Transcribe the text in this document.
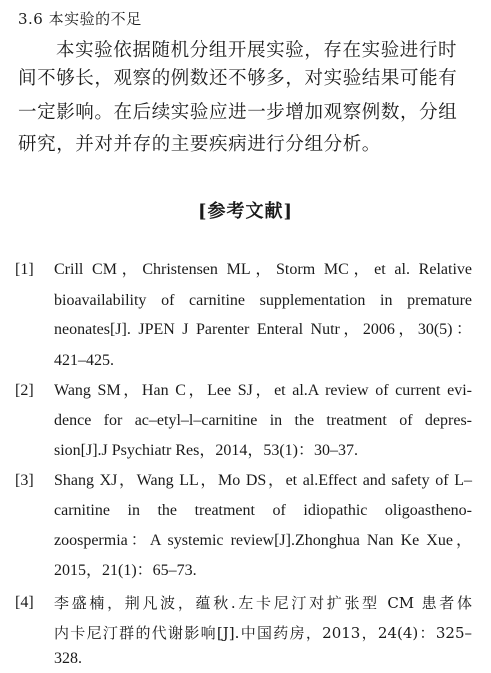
3.6 本实验的不足
本实验依据随机分组开展实验，存在实验进行时
间不够长，观察的例数还不够多，对实验结果可能有
一定影响。在后续实验应进一步增加观察例数，分组
研究，并对并存的主要疾病进行分组分析。
[参考文献]
[1] Crill CM，Christensen ML，Storm MC，et al. Relative
bioavailability of carnitine supplementation in premature
neonates[J]. JPEN J Parenter Enteral Nutr，2006，30(5)：
421–425.
[2] Wang SM，Han C，Lee SJ，et al.A review of current evi-
dence for ac–etyl–l–carnitine in the treatment of depres-
sion[J].J Psychiatr Res，2014，53(1)：30–37.
[3] Shang XJ，Wang LL，Mo DS，et al.Effect and safety of L–
carnitine in the treatment of idiopathic oligoastheno-
zoospermia：A systemic review[J].Zhonghua Nan Ke Xue，
2015，21(1)：65–73.
[4] 李盛楠，荆凡波，蕴秋.左卡尼汀对扩张型 CM 患者体
内卡尼汀群的代谢影响[J].中国药房，2013，24(4)：325–
328.
